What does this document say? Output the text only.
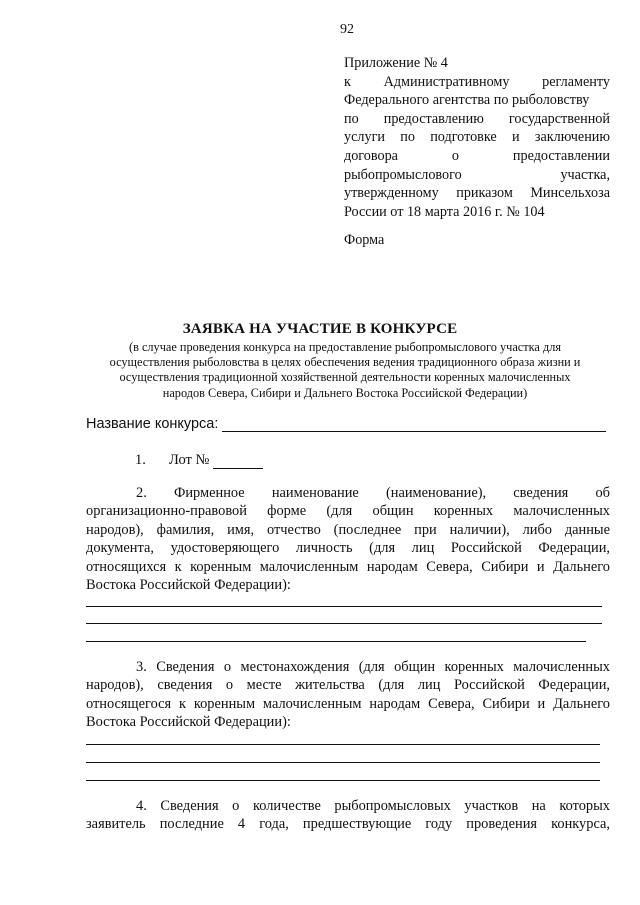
92
Приложение № 4
к Административному регламенту
Федерального агентства по рыболовству
по предоставлению государственной
услуги по подготовке и заключению
договора о предоставлении
рыбопромыслового участка,
утвержденному приказом Минсельхоза
России от 18 марта 2016 г. № 104
Форма
ЗАЯВКА НА УЧАСТИЕ В КОНКУРСЕ
(в случае проведения конкурса на предоставление рыбопромыслового участка для
осуществления рыболовства в целях обеспечения ведения традиционного образа жизни и
осуществления традиционной хозяйственной деятельности коренных малочисленных
народов Севера, Сибири и Дальнего Востока Российской Федерации)
Название конкурса:
1.	Лот №
2. Фирменное наименование (наименование), сведения об
организационно-правовой форме (для общин коренных малочисленных
народов), фамилия, имя, отчество (последнее при наличии), либо данные
документа, удостоверяющего личность (для лиц Российской Федерации,
относящихся к коренным малочисленным народам Севера, Сибири и Дальнего
Востока Российской Федерации):
3. Сведения о местонахождения (для общин коренных малочисленных
народов), сведения о месте жительства (для лиц Российской Федерации,
относящегося к коренным малочисленным народам Севера, Сибири и Дальнего
Востока Российской Федерации):
4. Сведения о количестве рыбопромысловых участков на которых
заявитель последние 4 года, предшествующие году проведения конкурса,
